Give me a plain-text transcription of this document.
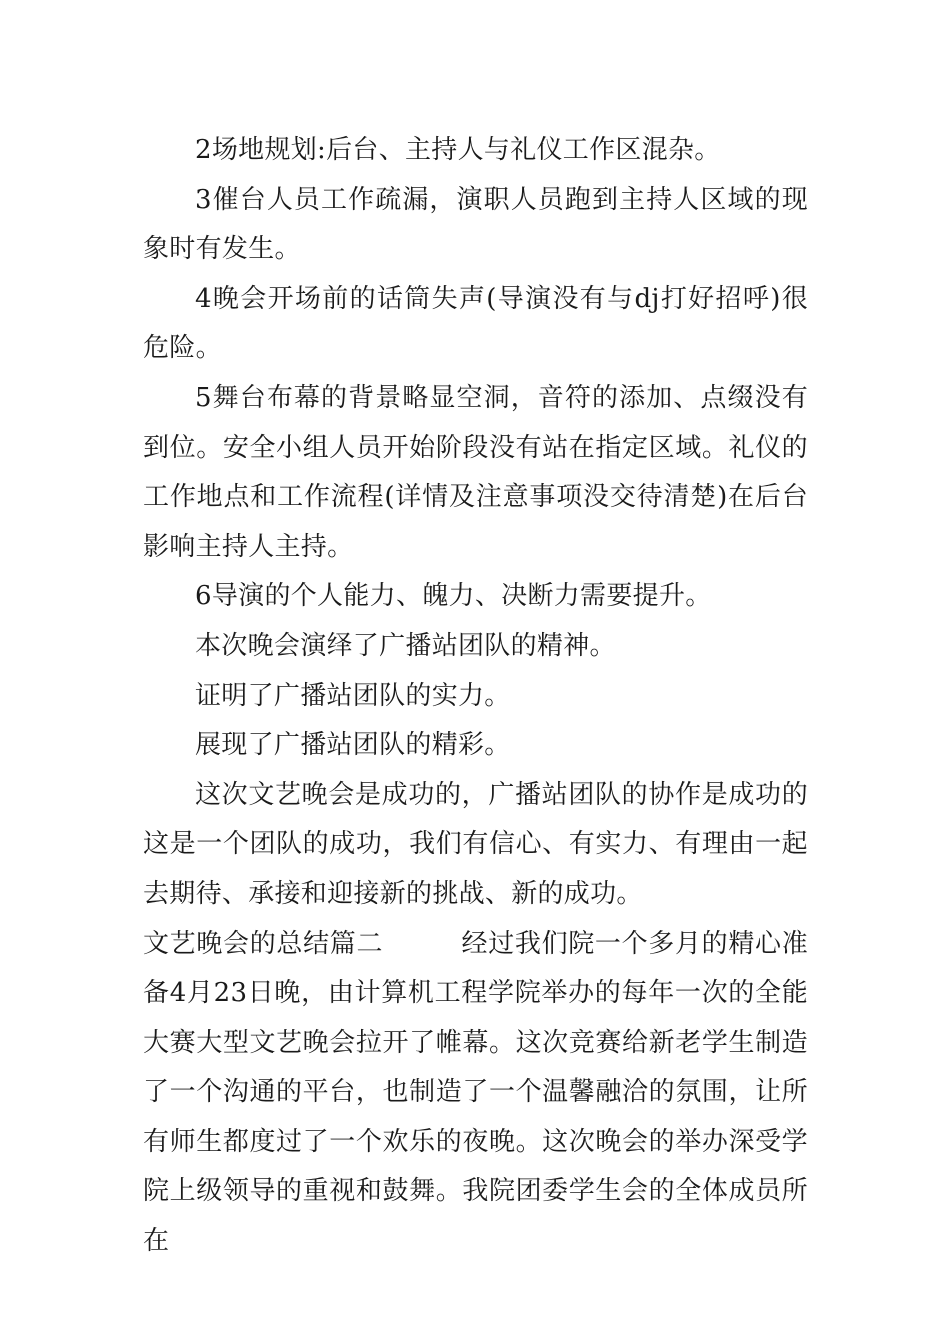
2场地规划:后台、主持人与礼仪工作区混杂。

3催台人员工作疏漏，演职人员跑到主持人区域的现象时有发生。

4晚会开场前的话筒失声(导演没有与dj打好招呼)很危险。

5舞台布幕的背景略显空洞，音符的添加、点缀没有到位。安全小组人员开始阶段没有站在指定区域。礼仪的工作地点和工作流程(详情及注意事项没交待清楚)在后台影响主持人主持。

6导演的个人能力、魄力、决断力需要提升。

本次晚会演绎了广播站团队的精神。

证明了广播站团队的实力。

展现了广播站团队的精彩。

这次文艺晚会是成功的，广播站团队的协作是成功的这是一个团队的成功，我们有信心、有实力、有理由一起去期待、承接和迎接新的挑战、新的成功。

文艺晚会的总结篇二	经过我们院一个多月的精心准备4月23日晚，由计算机工程学院举办的每年一次的全能大赛大型文艺晚会拉开了帷幕。这次竞赛给新老学生制造了一个沟通的平台，也制造了一个温馨融洽的氛围，让所有师生都度过了一个欢乐的夜晚。这次晚会的举办深受学院上级领导的重视和鼓舞。我院团委学生会的全体成员所在
